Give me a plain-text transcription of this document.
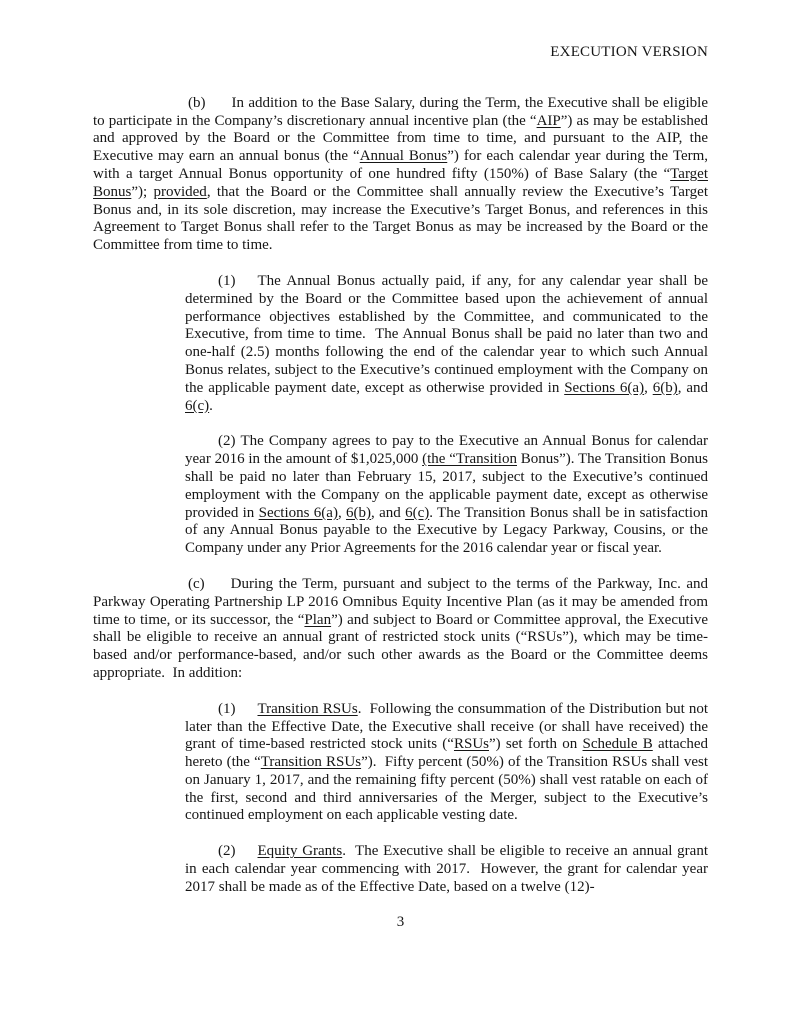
EXECUTION VERSION
(b) In addition to the Base Salary, during the Term, the Executive shall be eligible to participate in the Company’s discretionary annual incentive plan (the “AIP”) as may be established and approved by the Board or the Committee from time to time, and pursuant to the AIP, the Executive may earn an annual bonus (the “Annual Bonus”) for each calendar year during the Term, with a target Annual Bonus opportunity of one hundred fifty (150%) of Base Salary (the “Target Bonus”); provided, that the Board or the Committee shall annually review the Executive’s Target Bonus and, in its sole discretion, may increase the Executive’s Target Bonus, and references in this Agreement to Target Bonus shall refer to the Target Bonus as may be increased by the Board or the Committee from time to time.
(1) The Annual Bonus actually paid, if any, for any calendar year shall be determined by the Board or the Committee based upon the achievement of annual performance objectives established by the Committee, and communicated to the Executive, from time to time.  The Annual Bonus shall be paid no later than two and one-half (2.5) months following the end of the calendar year to which such Annual Bonus relates, subject to the Executive’s continued employment with the Company on the applicable payment date, except as otherwise provided in Sections 6(a), 6(b), and 6(c).
(2) The Company agrees to pay to the Executive an Annual Bonus for calendar year 2016 in the amount of $1,025,000 (the “Transition Bonus”). The Transition Bonus shall be paid no later than February 15, 2017, subject to the Executive’s continued employment with the Company on the applicable payment date, except as otherwise provided in Sections 6(a), 6(b), and 6(c). The Transition Bonus shall be in satisfaction of any Annual Bonus payable to the Executive by Legacy Parkway, Cousins, or the Company under any Prior Agreements for the 2016 calendar year or fiscal year.
(c) During the Term, pursuant and subject to the terms of the Parkway, Inc. and Parkway Operating Partnership LP 2016 Omnibus Equity Incentive Plan (as it may be amended from time to time, or its successor, the “Plan”) and subject to Board or Committee approval, the Executive shall be eligible to receive an annual grant of restricted stock units (“RSUs”), which may be time-based and/or performance-based, and/or such other awards as the Board or the Committee deems appropriate.  In addition:
(1) Transition RSUs.  Following the consummation of the Distribution but not later than the Effective Date, the Executive shall receive (or shall have received) the grant of time-based restricted stock units (“RSUs”) set forth on Schedule B attached hereto (the “Transition RSUs”).  Fifty percent (50%) of the Transition RSUs shall vest on January 1, 2017, and the remaining fifty percent (50%) shall vest ratable on each of the first, second and third anniversaries of the Merger, subject to the Executive’s continued employment on each applicable vesting date.
(2) Equity Grants.  The Executive shall be eligible to receive an annual grant in each calendar year commencing with 2017.  However, the grant for calendar year 2017 shall be made as of the Effective Date, based on a twelve (12)-
3
